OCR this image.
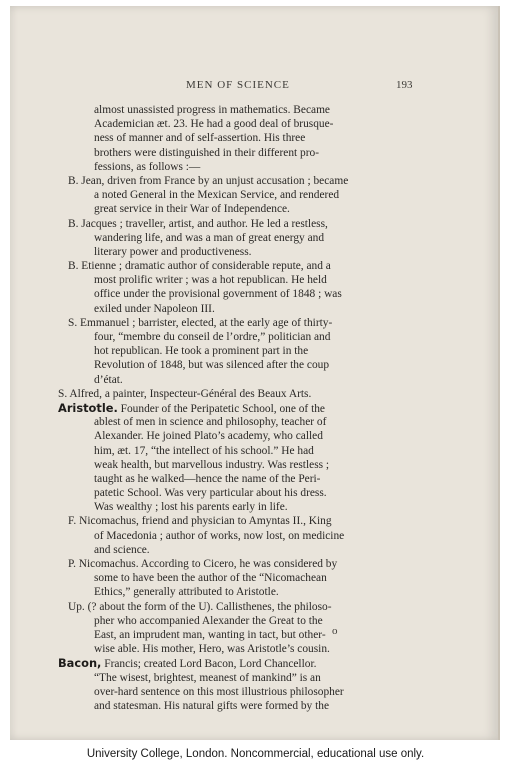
MEN OF SCIENCE	193
almost unassisted progress in mathematics. Became
Academician æt. 23. He had a good deal of brusque-
ness of manner and of self-assertion. His three
brothers were distinguished in their different pro-
fessions, as follows :—
B. Jean, driven from France by an unjust accusation ; became
a noted General in the Mexican Service, and rendered
great service in their War of Independence.
B. Jacques ; traveller, artist, and author. He led a restless,
wandering life, and was a man of great energy and
literary power and productiveness.
B. Etienne ; dramatic author of considerable repute, and a
most prolific writer ; was a hot republican. He held
office under the provisional government of 1848 ; was
exiled under Napoleon III.
S. Emmanuel ; barrister, elected, at the early age of thirty-
four, “membre du conseil de l’ordre,” politician and
hot republican. He took a prominent part in the
Revolution of 1848, but was silenced after the coup
d’état.
S. Alfred, a painter, Inspecteur-Général des Beaux Arts.
Aristotle. Founder of the Peripatetic School, one of the
ablest of men in science and philosophy, teacher of
Alexander. He joined Plato’s academy, who called
him, æt. 17, “the intellect of his school.” He had
weak health, but marvellous industry. Was restless ;
taught as he walked—hence the name of the Peri-
patetic School. Was very particular about his dress.
Was wealthy ; lost his parents early in life.
F. Nicomachus, friend and physician to Amyntas II., King
of Macedonia ; author of works, now lost, on medicine
and science.
P. Nicomachus. According to Cicero, he was considered by
some to have been the author of the “Nicomachean
Ethics,” generally attributed to Aristotle.
Up. (? about the form of the U). Callisthenes, the philoso-
pher who accompanied Alexander the Great to the
East, an imprudent man, wanting in tact, but other-
wise able. His mother, Hero, was Aristotle’s cousin.
Bacon, Francis; created Lord Bacon, Lord Chancellor.
“The wisest, brightest, meanest of mankind” is an
over-hard sentence on this most illustrious philosopher
and statesman. His natural gifts were formed by the
o
University College, London. Noncommercial, educational use only.
